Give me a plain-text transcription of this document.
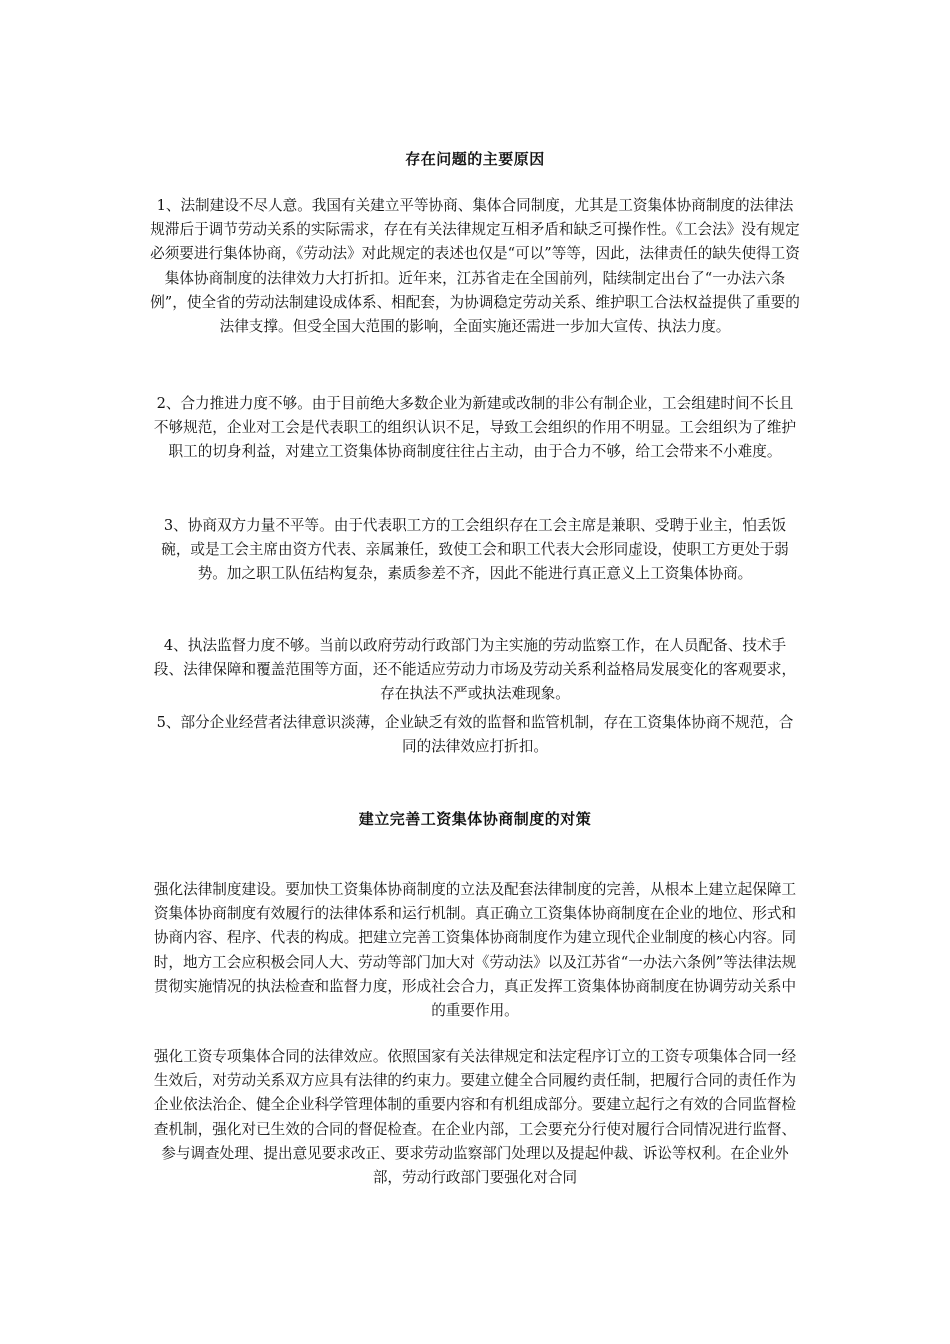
存在问题的主要原因

1、法制建设不尽人意。我国有关建立平等协商、集体合同制度，尤其是工资集体协商制度的法律法规滞后于调节劳动关系的实际需求，存在有关法律规定互相矛盾和缺乏可操作性。《工会法》没有规定必须要进行集体协商，《劳动法》对此规定的表述也仅是“可以”等等，因此，法律责任的缺失使得工资集体协商制度的法律效力大打折扣。近年来，江苏省走在全国前列，陆续制定出台了“一办法六条例”，使全省的劳动法制建设成体系、相配套，为协调稳定劳动关系、维护职工合法权益提供了重要的法律支撑。但受全国大范围的影响，全面实施还需进一步加大宣传、执法力度。

2、合力推进力度不够。由于目前绝大多数企业为新建或改制的非公有制企业，工会组建时间不长且不够规范，企业对工会是代表职工的组织认识不足，导致工会组织的作用不明显。工会组织为了维护职工的切身利益，对建立工资集体协商制度往往占主动，由于合力不够，给工会带来不小难度。

3、协商双方力量不平等。由于代表职工方的工会组织存在工会主席是兼职、受聘于业主，怕丢饭碗，或是工会主席由资方代表、亲属兼任，致使工会和职工代表大会形同虚设，使职工方更处于弱势。加之职工队伍结构复杂，素质参差不齐，因此不能进行真正意义上工资集体协商。

4、执法监督力度不够。当前以政府劳动行政部门为主实施的劳动监察工作，在人员配备、技术手段、法律保障和覆盖范围等方面，还不能适应劳动力市场及劳动关系利益格局发展变化的客观要求，存在执法不严或执法难现象。

5、部分企业经营者法律意识淡薄，企业缺乏有效的监督和监管机制，存在工资集体协商不规范，合同的法律效应打折扣。

建立完善工资集体协商制度的对策

强化法律制度建设。要加快工资集体协商制度的立法及配套法律制度的完善，从根本上建立起保障工资集体协商制度有效履行的法律体系和运行机制。真正确立工资集体协商制度在企业的地位、形式和协商内容、程序、代表的构成。把建立完善工资集体协商制度作为建立现代企业制度的核心内容。同时，地方工会应积极会同人大、劳动等部门加大对《劳动法》以及江苏省“一办法六条例”等法律法规贯彻实施情况的执法检查和监督力度，形成社会合力，真正发挥工资集体协商制度在协调劳动关系中的重要作用。

强化工资专项集体合同的法律效应。依照国家有关法律规定和法定程序订立的工资专项集体合同一经生效后，对劳动关系双方应具有法律的约束力。要建立健全合同履约责任制，把履行合同的责任作为企业依法治企、健全企业科学管理体制的重要内容和有机组成部分。要建立起行之有效的合同监督检查机制，强化对已生效的合同的督促检查。在企业内部，工会要充分行使对履行合同情况进行监督、参与调查处理、提出意见要求改正、要求劳动监察部门处理以及提起仲裁、诉讼等权利。在企业外部，劳动行政部门要强化对合同
